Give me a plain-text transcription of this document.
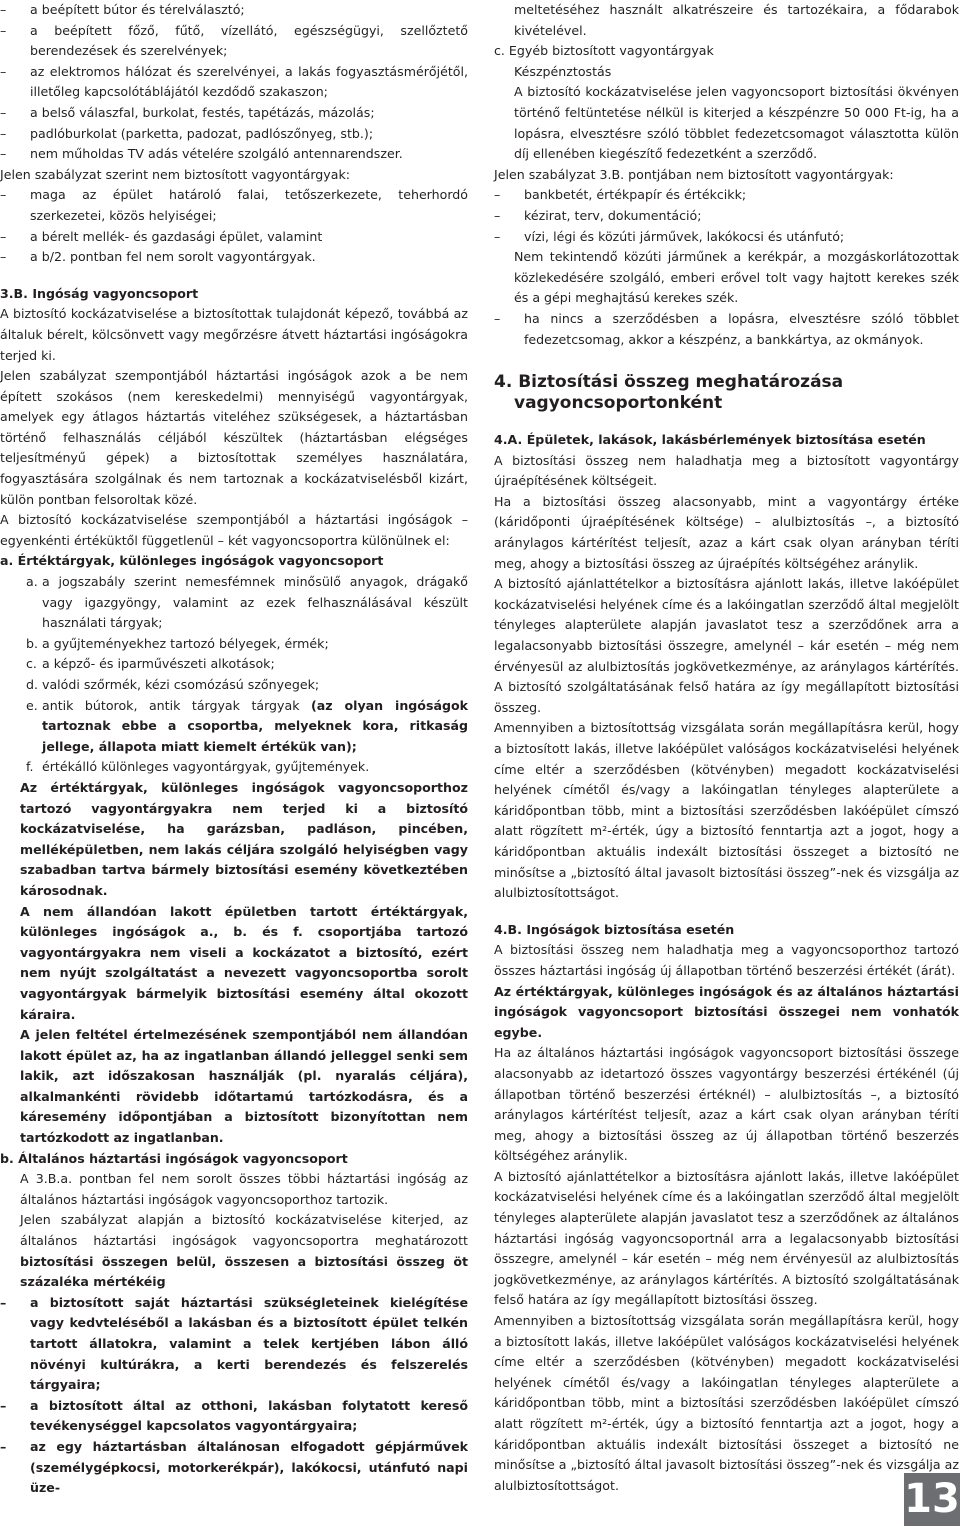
–	a beépített bútor és térelválasztó;
–	a beépített főző, fűtő, vízellátó, egészségügyi, szellőztető berendezések és szerelvények;
–	az elektromos hálózat és szerelvényei, a lakás fogyasztásmérőjétől, illetőleg kapcsolótáblájától kezdődő szakaszon;
–	a belső válaszfal, burkolat, festés, tapétázás, mázolás;
–	padlóburkolat (parketta, padozat, padlószőnyeg, stb.);
–	nem műholdas TV adás vételére szolgáló antennarendszer.

Jelen szabályzat szerint nem biztosított vagyontárgyak:

–	maga az épület határoló falai, tetőszerkezete, teherhordó szerkezetei, közös helyiségei;
–	a bérelt mellék- és gazdasági épület, valamint
–	a b/2. pontban fel nem sorolt vagyontárgyak.

3.B. Ingóság vagyoncsoport

A biztosító kockázatviselése a biztosítottak tulajdonát képező, továbbá az általuk bérelt, kölcsönvett vagy megőrzésre átvett háztartási ingóságokra terjed ki.

Jelen szabályzat szempontjából háztartási ingóságok azok a be nem épített szokásos (nem kereskedelmi) mennyiségű vagyontárgyak, amelyek egy átlagos háztartás viteléhez szükségesek, a háztartásban történő felhasználás céljából készültek (háztartásban elégséges teljesítményű gépek) a biztosítottak személyes használatára, fogyasztására szolgálnak és nem tartoznak a kockázatviselésből kizárt, külön pontban felsoroltak közé.

A biztosító kockázatviselése szempontjából a háztartási ingóságok – egyenkénti értéküktől függetlenül – két vagyoncsoportra különülnek el:

a. Értéktárgyak, különleges ingóságok vagyoncsoport

a. a jogszabály szerint nemesfémnek minősülő anyagok, drágakő vagy igazgyöngy, valamint az ezek felhasználásával készült használati tárgyak;
b. a gyűjteményekhez tartozó bélyegek, érmék;
c. a képző- és iparművészeti alkotások;
d. valódi szőrmék, kézi csomózású szőnyegek;
e. antik bútorok, antik tárgyak tárgyak (az olyan ingóságok tartoznak ebbe a csoportba, melyeknek kora, ritkaság jellege, állapota miatt kiemelt értékük van);
f. értékálló különleges vagyontárgyak, gyűjtemények.

Az értéktárgyak, különleges ingóságok vagyoncsoporthoz tartozó vagyontárgyakra nem terjed ki a biztosító kockázatviselése, ha garázsban, padláson, pincében, melléképületben, nem lakás céljára szolgáló helyiségben vagy szabadban tartva bármely biztosítási esemény következtében károsodnak.

A nem állandóan lakott épületben tartott értéktárgyak, különleges ingóságok a., b. és f. csoportjába tartozó vagyontárgyakra nem viseli a kockázatot a biztosító, ezért nem nyújt szolgáltatást a nevezett vagyoncsoportba sorolt vagyontárgyak bármelyik biztosítási esemény által okozott káraira.

A jelen feltétel értelmezésének szempontjából nem állandóan lakott épület az, ha az ingatlanban állandó jelleggel senki sem lakik, azt időszakosan használják (pl. nyaralás céljára), alkalmankénti rövidebb időtartamú tartózkodásra, és a káresemény időpontjában a biztosított bizonyítottan nem tartózkodott az ingatlanban.

b. Általános háztartási ingóságok vagyoncsoport

A 3.B.a. pontban fel nem sorolt összes többi háztartási ingóság az általános háztartási ingóságok vagyoncsoporthoz tartozik.

Jelen szabályzat alapján a biztosító kockázatviselése kiterjed, az általános háztartási ingóságok vagyoncsoportra meghatározott biztosítási összegen belül, összesen a biztosítási összeg öt százaléka mértékéig

–	a biztosított saját háztartási szükségleteinek kielégítése vagy kedvteléséből a lakásban és a biztosított épület telkén tartott állatokra, valamint a telek kertjében lábon álló növényi kultúrákra, a kerti berendezés és felszerelés tárgyaira;
–	a biztosított által az otthoni, lakásban folytatott kereső tevékenységgel kapcsolatos vagyontárgyaira;
–	az egy háztartásban általánosan elfogadott gépjárművek (személygépkocsi, motorkerékpár), lakókocsi, utánfutó napi üze-

meltetéséhez használt alkatrészeire és tartozékaira, a fődarabok kivételével.

c. Egyéb biztosított vagyontárgyak

Készpénztostás

A biztosító kockázatviselése jelen vagyoncsoport biztosítási ökvényen történő feltüntetése nélkül is kiterjed a készpénzre 50 000 Ft-ig, ha a lopásra, elvesztésre szóló többlet fedezetcsomagot választotta külön díj ellenében kiegészítő fedezetként a szerződő.

Jelen szabályzat 3.B. pontjában nem biztosított vagyontárgyak:

–	bankbetét, értékpapír és értékcikk;
–	kézirat, terv, dokumentáció;
–	vízi, légi és közúti járművek, lakókocsi és utánfutó;

Nem tekintendő közúti járműnek a kerékpár, a mozgáskorlátozottak közlekedésére szolgáló, emberi erővel tolt vagy hajtott kerekes szék és a gépi meghajtású kerekes szék.

–	ha nincs a szerződésben a lopásra, elvesztésre szóló többlet fedezetcsomag, akkor a készpénz, a bankkártya, az okmányok.

4. Biztosítási összeg meghatározása vagyoncsoportonként

4.A. Épületek, lakások, lakásbérlemények biztosítása esetén

A biztosítási összeg nem haladhatja meg a biztosított vagyontárgy újraépítésének költségeit.

Ha a biztosítási összeg alacsonyabb, mint a vagyontárgy értéke (káridőponti újraépítésének költsége) – alulbiztosítás –, a biztosító aránylagos kártérítést teljesít, azaz a kárt csak olyan arányban téríti meg, ahogy a biztosítási összeg az újraépítés költségéhez aránylik.

A biztosító ajánlattételkor a biztosításra ajánlott lakás, illetve lakóépület kockázatviselési helyének címe és a lakóingatlan szerződő által megjelölt tényleges alapterülete alapján javaslatot tesz a szerződőnek arra a legalacsonyabb biztosítási összegre, amelynél – kár esetén – még nem érvényesül az alulbiztosítás jogkövetkezménye, az aránylagos kártérítés. A biztosító szolgáltatásának felső határa az így megállapított biztosítási összeg.

Amennyiben a biztosítottság vizsgálata során megállapításra kerül, hogy a biztosított lakás, illetve lakóépület valóságos kockázatviselési helyének címe eltér a szerződésben (kötvényben) megadott kockázatviselési helyének címétől és/vagy a lakóingatlan tényleges alapterülete a káridőpontban több, mint a biztosítási szerződésben lakóépület címszó alatt rögzített m²-érték, úgy a biztosító fenntartja azt a jogot, hogy a káridőpontban aktuális indexált biztosítási összeget a biztosító ne minősítse a „biztosító által javasolt biztosítási összeg”-nek és vizsgálja az alulbiztosítottságot.

4.B. Ingóságok biztosítása esetén

A biztosítási összeg nem haladhatja meg a vagyoncsoporthoz tartozó összes háztartási ingóság új állapotban történő beszerzési értékét (árát).

Az értéktárgyak, különleges ingóságok és az általános háztartási ingóságok vagyoncsoport biztosítási összegei nem vonhatók egybe.

Ha az általános háztartási ingóságok vagyoncsoport biztosítási összege alacsonyabb az idetartozó összes vagyontárgy beszerzési értékénél (új állapotban történő beszerzési értéknél) – alulbiztosítás –, a biztosító aránylagos kártérítést teljesít, azaz a kárt csak olyan arányban téríti meg, ahogy a biztosítási összeg az új állapotban történő beszerzés költségéhez aránylik.

A biztosító ajánlattételkor a biztosításra ajánlott lakás, illetve lakóépület kockázatviselési helyének címe és a lakóingatlan szerződő által megjelölt tényleges alapterülete alapján javaslatot tesz a szerződőnek az általános háztartási ingóság vagyoncsoportnál arra a legalacsonyabb biztosítási összegre, amelynél – kár esetén – még nem érvényesül az alulbiztosítás jogkövetkezménye, az aránylagos kártérítés. A biztosító szolgáltatásának felső határa az így megállapított biztosítási összeg.

Amennyiben a biztosítottság vizsgálata során megállapításra kerül, hogy a biztosított lakás, illetve lakóépület valóságos kockázatviselési helyének címe eltér a szerződésben (kötvényben) megadott kockázatviselési helyének címétől és/vagy a lakóingatlan tényleges alapterülete a káridőpontban több, mint a biztosítási szerződésben lakóépület címszó alatt rögzített m²-érték, úgy a biztosító fenntartja azt a jogot, hogy a káridőpontban aktuális indexált biztosítási összeget a biztosító ne minősítse a „biztosító által javasolt biztosítási összeg”-nek és vizsgálja az alulbiztosítottságot.	13
